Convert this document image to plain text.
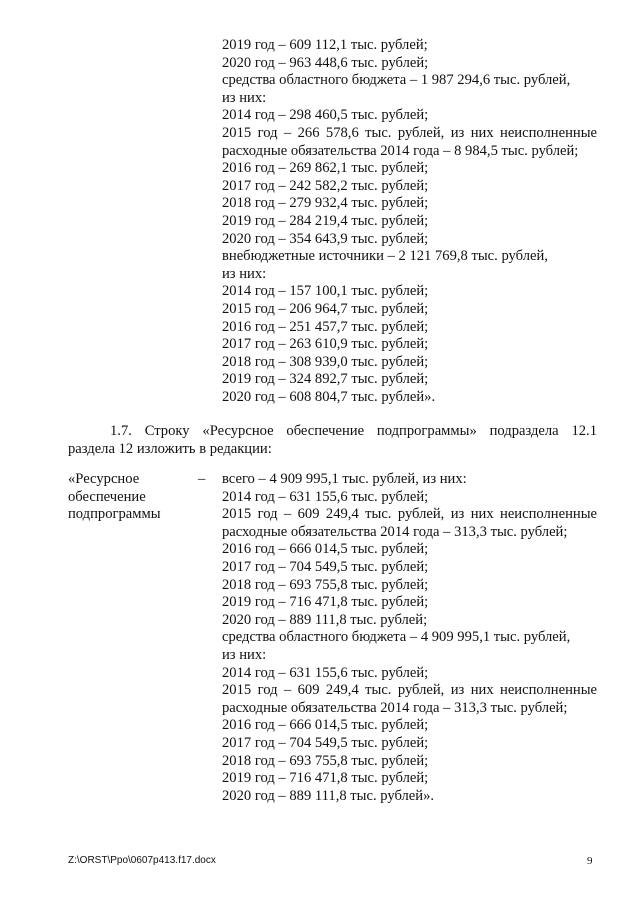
2019 год – 609 112,1 тыс. рублей;
2020 год – 963 448,6 тыс. рублей;
средства областного бюджета – 1 987 294,6 тыс. рублей,
из них:
2014 год – 298 460,5 тыс. рублей;
2015 год – 266 578,6 тыс. рублей, из них неисполненные
расходные обязательства 2014 года – 8 984,5 тыс. рублей;
2016 год – 269 862,1 тыс. рублей;
2017 год – 242 582,2 тыс. рублей;
2018 год – 279 932,4 тыс. рублей;
2019 год – 284 219,4 тыс. рублей;
2020 год – 354 643,9 тыс. рублей;
внебюджетные источники – 2 121 769,8 тыс. рублей,
из них:
2014 год – 157 100,1 тыс. рублей;
2015 год – 206 964,7 тыс. рублей;
2016 год – 251 457,7 тыс. рублей;
2017 год – 263 610,9 тыс. рублей;
2018 год – 308 939,0 тыс. рублей;
2019 год – 324 892,7 тыс. рублей;
2020 год – 608 804,7 тыс. рублей».
1.7. Строку «Ресурсное обеспечение подпрограммы» подраздела 12.1
раздела 12 изложить в редакции:
«Ресурсное
обеспечение
подпрограммы
– всего – 4 909 995,1 тыс. рублей, из них:
2014 год – 631 155,6 тыс. рублей;
2015 год – 609 249,4 тыс. рублей, из них неисполненные
расходные обязательства 2014 года – 313,3 тыс. рублей;
2016 год – 666 014,5 тыс. рублей;
2017 год – 704 549,5 тыс. рублей;
2018 год – 693 755,8 тыс. рублей;
2019 год – 716 471,8 тыс. рублей;
2020 год – 889 111,8 тыс. рублей;
средства областного бюджета – 4 909 995,1 тыс. рублей,
из них:
2014 год – 631 155,6 тыс. рублей;
2015 год – 609 249,4 тыс. рублей, из них неисполненные
расходные обязательства 2014 года – 313,3 тыс. рублей;
2016 год – 666 014,5 тыс. рублей;
2017 год – 704 549,5 тыс. рублей;
2018 год – 693 755,8 тыс. рублей;
2019 год – 716 471,8 тыс. рублей;
2020 год – 889 111,8 тыс. рублей».
Z:\ORST\Ppo\0607p413.f17.docx	9
